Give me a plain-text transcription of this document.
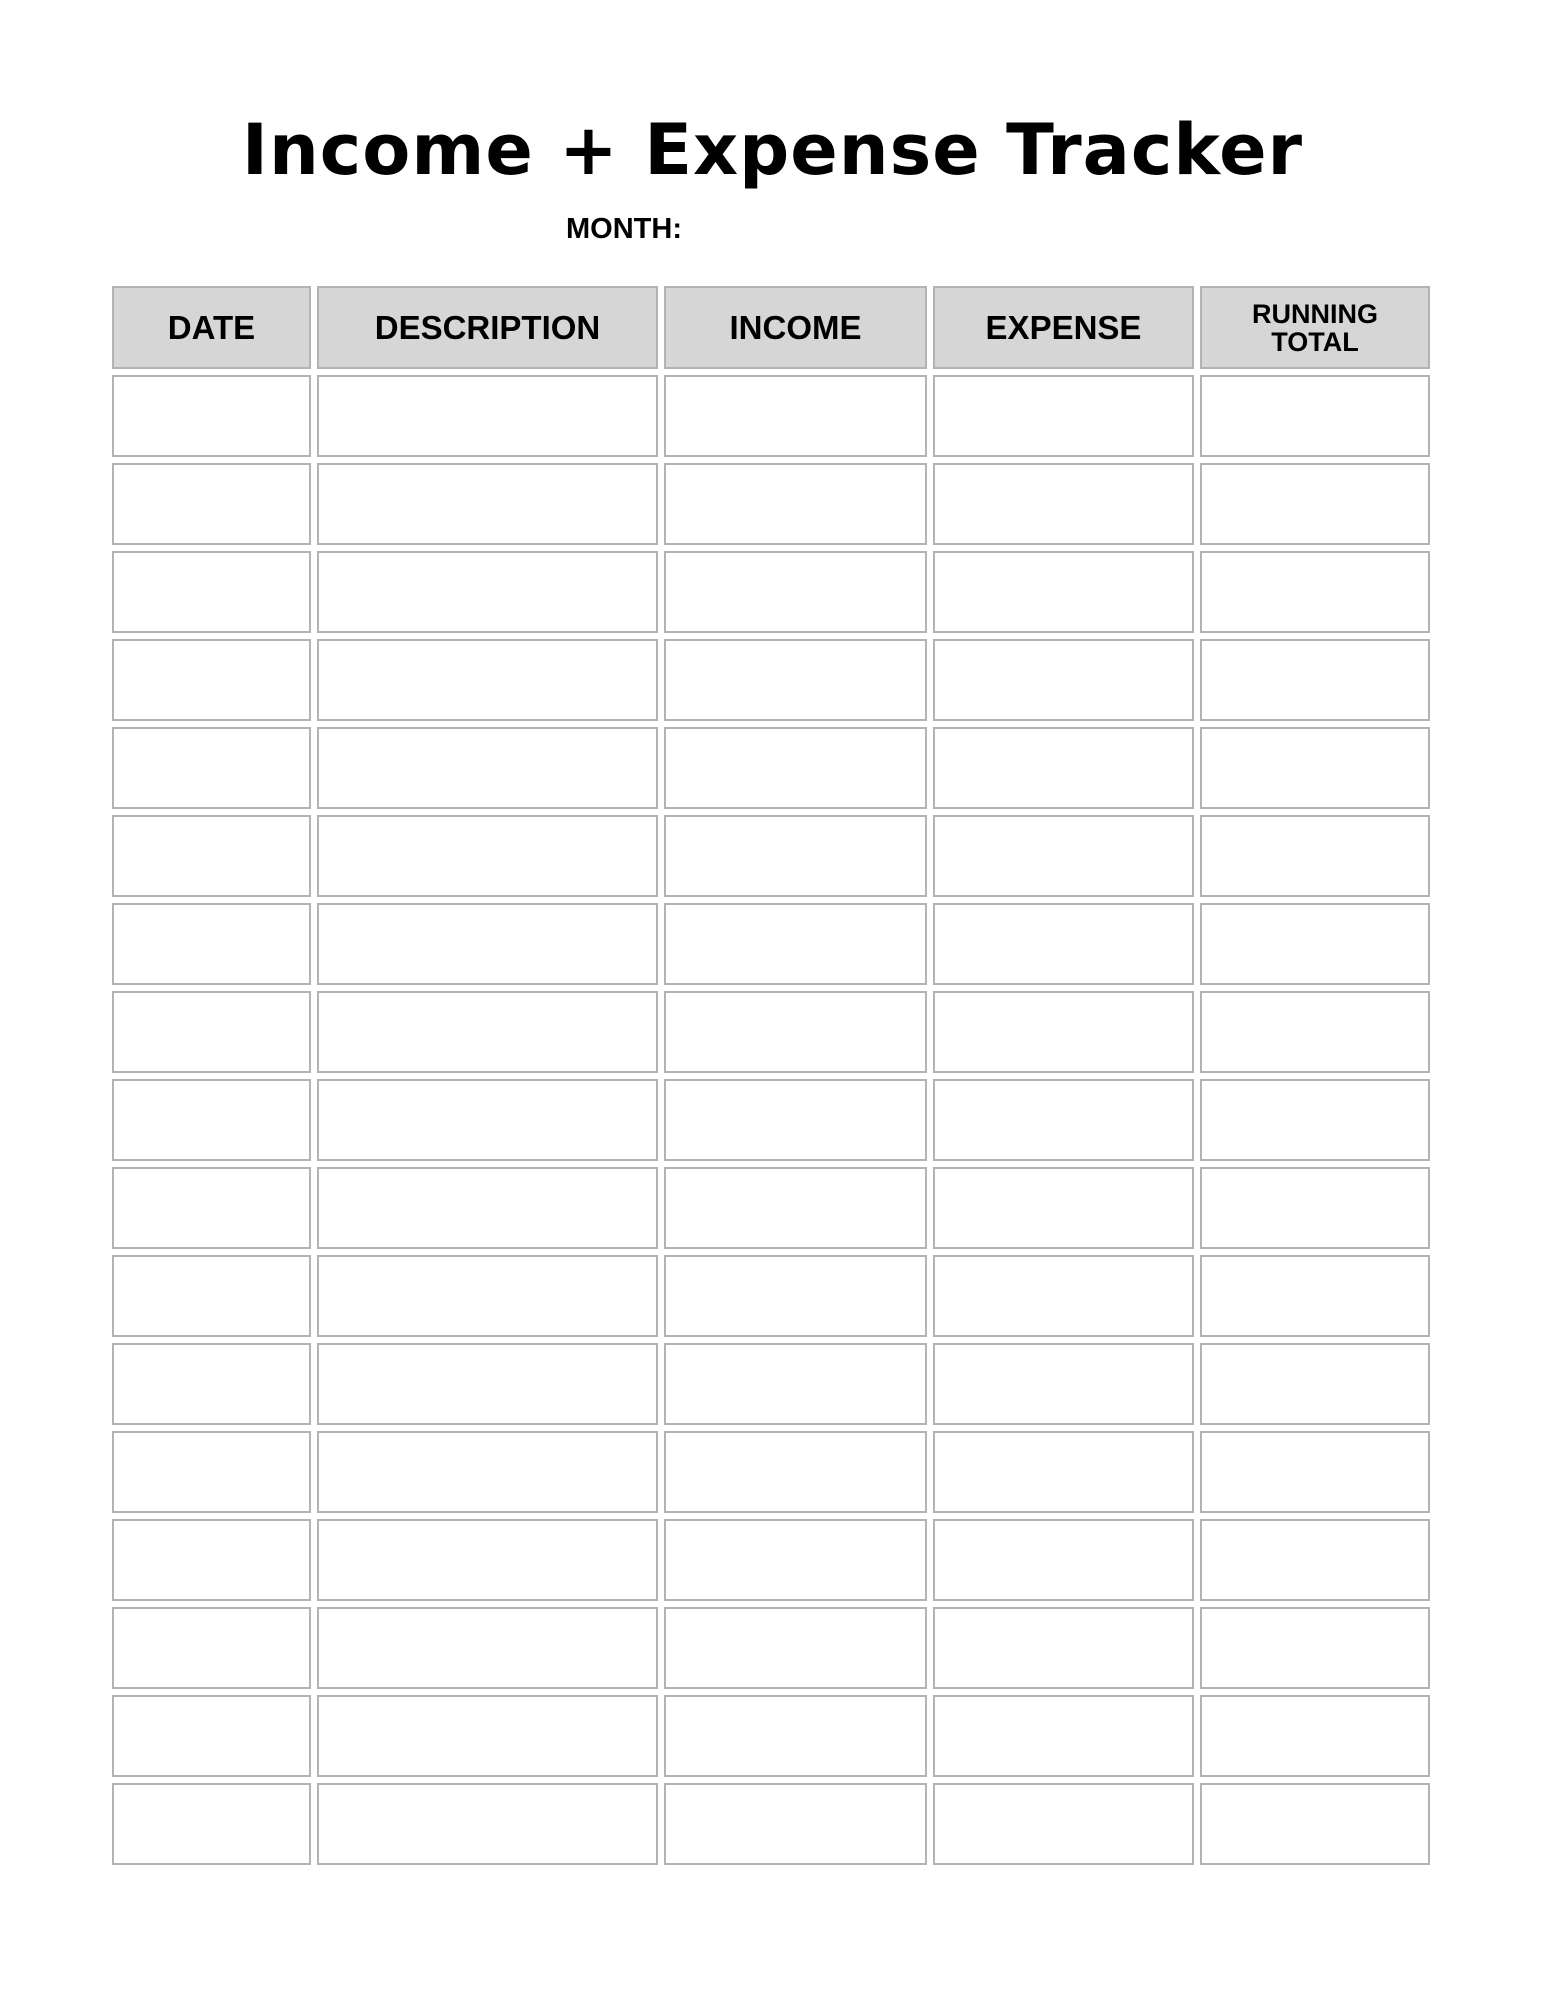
Income + Expense Tracker
MONTH:
DATE	DESCRIPTION	INCOME	EXPENSE	RUNNING
TOTAL
